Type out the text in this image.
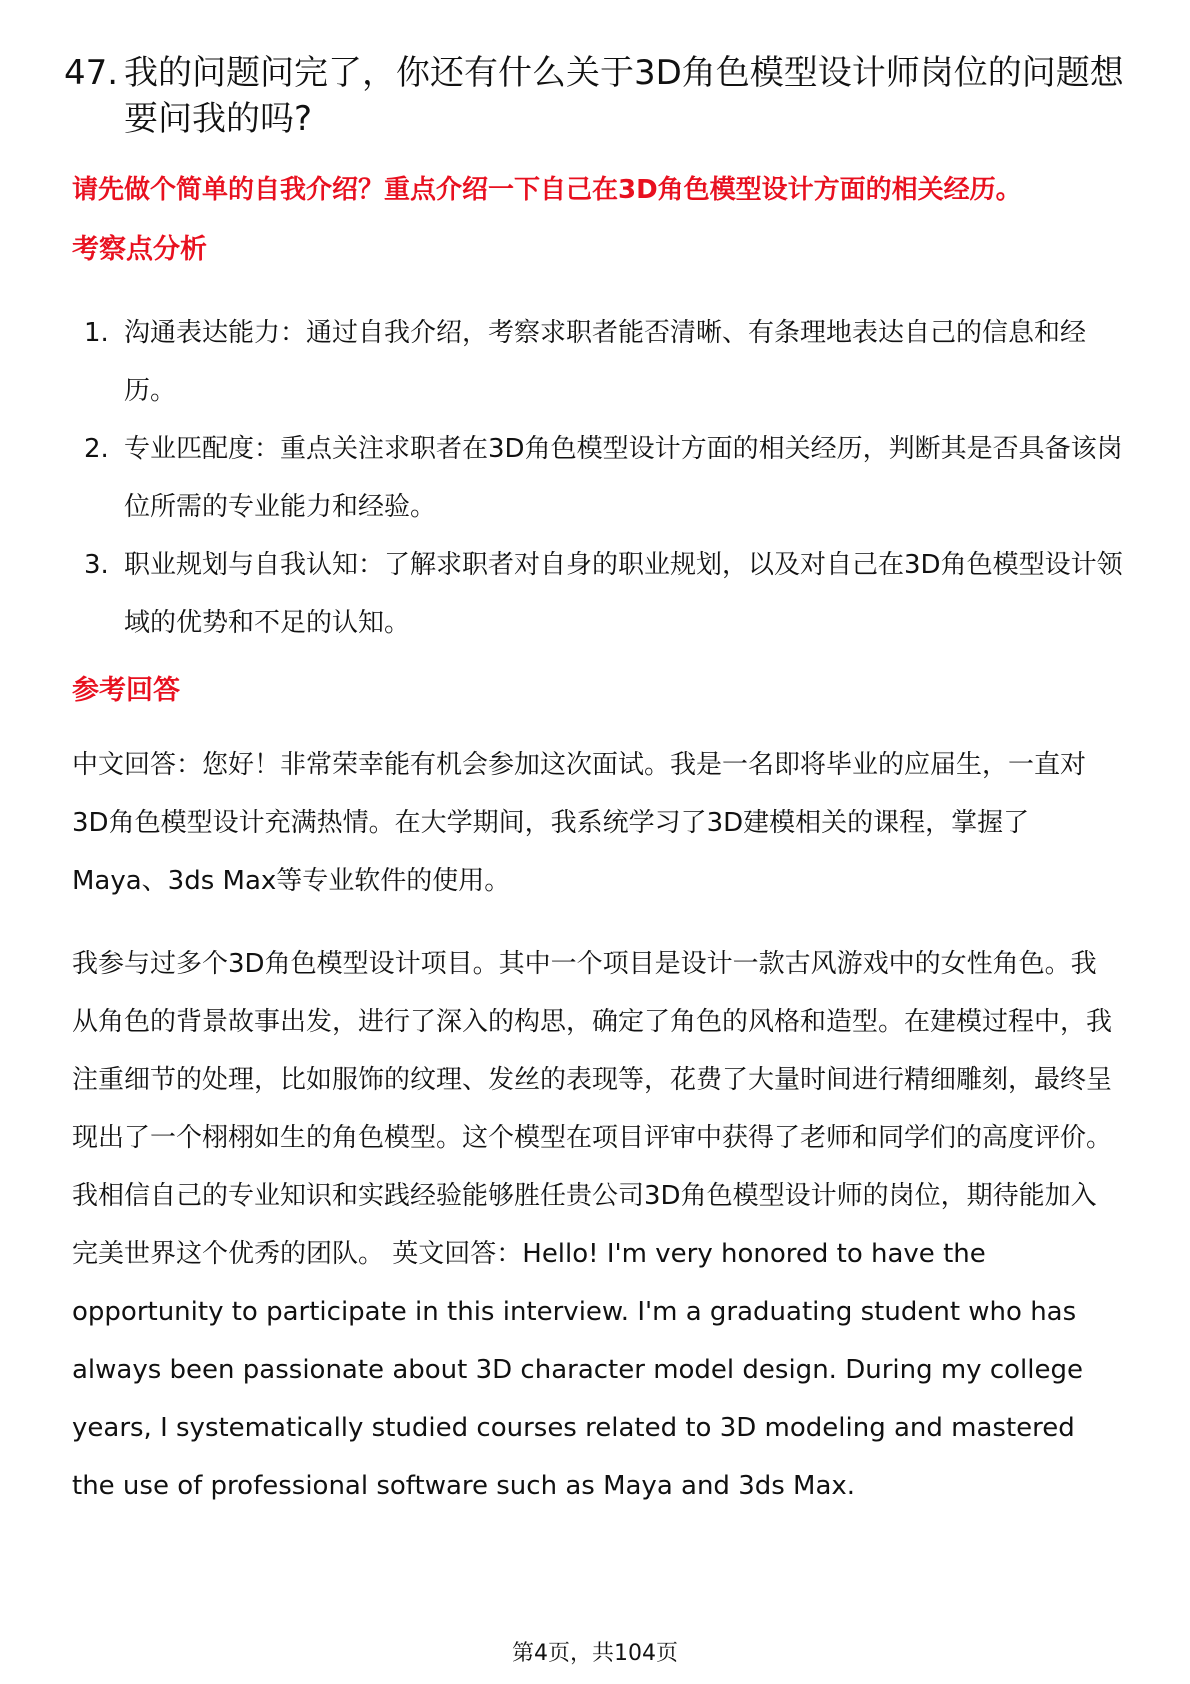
47. 我的问题问完了，你还有什么关于3D角色模型设计师岗位的问题想要问我的吗?
请先做个简单的自我介绍？重点介绍一下自己在3D角色模型设计方面的相关经历。
考察点分析
1. 沟通表达能力：通过自我介绍，考察求职者能否清晰、有条理地表达自己的信息和经历。
2. 专业匹配度：重点关注求职者在3D角色模型设计方面的相关经历，判断其是否具备该岗位所需的专业能力和经验。
3. 职业规划与自我认知：了解求职者对自身的职业规划，以及对自己在3D角色模型设计领域的优势和不足的认知。
参考回答

中文回答：您好！非常荣幸能有机会参加这次面试。我是一名即将毕业的应届生，一直对3D角色模型设计充满热情。在大学期间，我系统学习了3D建模相关的课程，掌握了Maya、3ds Max等专业软件的使用。

我参与过多个3D角色模型设计项目。其中一个项目是设计一款古风游戏中的女性角色。我从角色的背景故事出发，进行了深入的构思，确定了角色的风格和造型。在建模过程中，我注重细节的处理，比如服饰的纹理、发丝的表现等，花费了大量时间进行精细雕刻，最终呈现出了一个栩栩如生的角色模型。这个模型在项目评审中获得了老师和同学们的高度评价。我相信自己的专业知识和实践经验能够胜任贵公司3D角色模型设计师的岗位，期待能加入完美世界这个优秀的团队。 英文回答：Hello! I'm very honored to have the opportunity to participate in this interview. I'm a graduating student who has always been passionate about 3D character model design. During my college years, I systematically studied courses related to 3D modeling and mastered the use of professional software such as Maya and 3ds Max.

第4页，共104页
